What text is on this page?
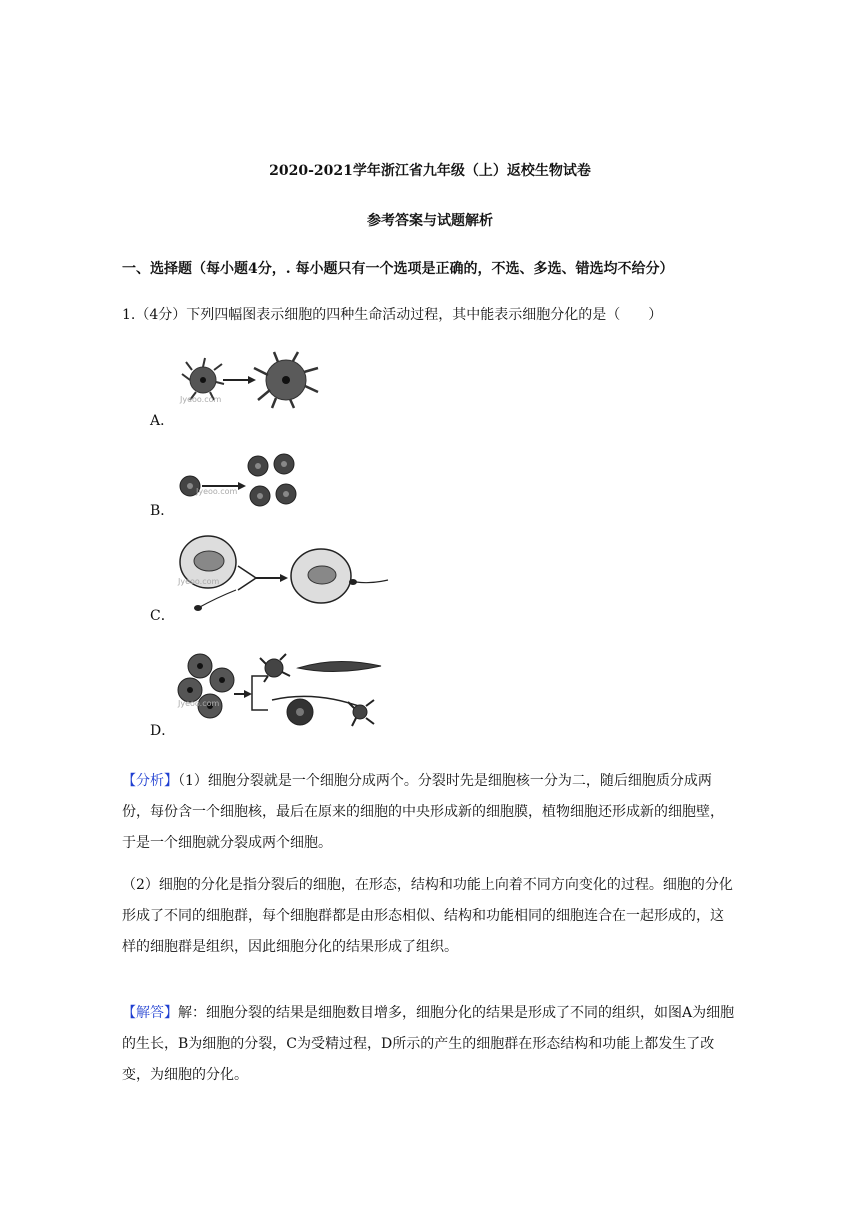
2020-2021学年浙江省九年级（上）返校生物试卷
参考答案与试题解析
一、选择题（每小题4分，. 每小题只有一个选项是正确的，不选、多选、错选均不给分）
1.（4分）下列四幅图表示细胞的四种生命活动过程，其中能表示细胞分化的是（　　）
Jyeoo.com
A．
Jyeoo.com
B．
Jyeoo.com
C．
Jyeoo.com
D．
【分析】（1）细胞分裂就是一个细胞分成两个。分裂时先是细胞核一分为二，随后细胞质分成两份，每份含一个细胞核，最后在原来的细胞的中央形成新的细胞膜，植物细胞还形成新的细胞壁，于是一个细胞就分裂成两个细胞。
（2）细胞的分化是指分裂后的细胞，在形态，结构和功能上向着不同方向变化的过程。细胞的分化形成了不同的细胞群，每个细胞群都是由形态相似、结构和功能相同的细胞连合在一起形成的，这样的细胞群是组织，因此细胞分化的结果形成了组织。
【解答】解：细胞分裂的结果是细胞数目增多，细胞分化的结果是形成了不同的组织，如图A为细胞的生长，B为细胞的分裂，C为受精过程，D所示的产生的细胞群在形态结构和功能上都发生了改变，为细胞的分化。
